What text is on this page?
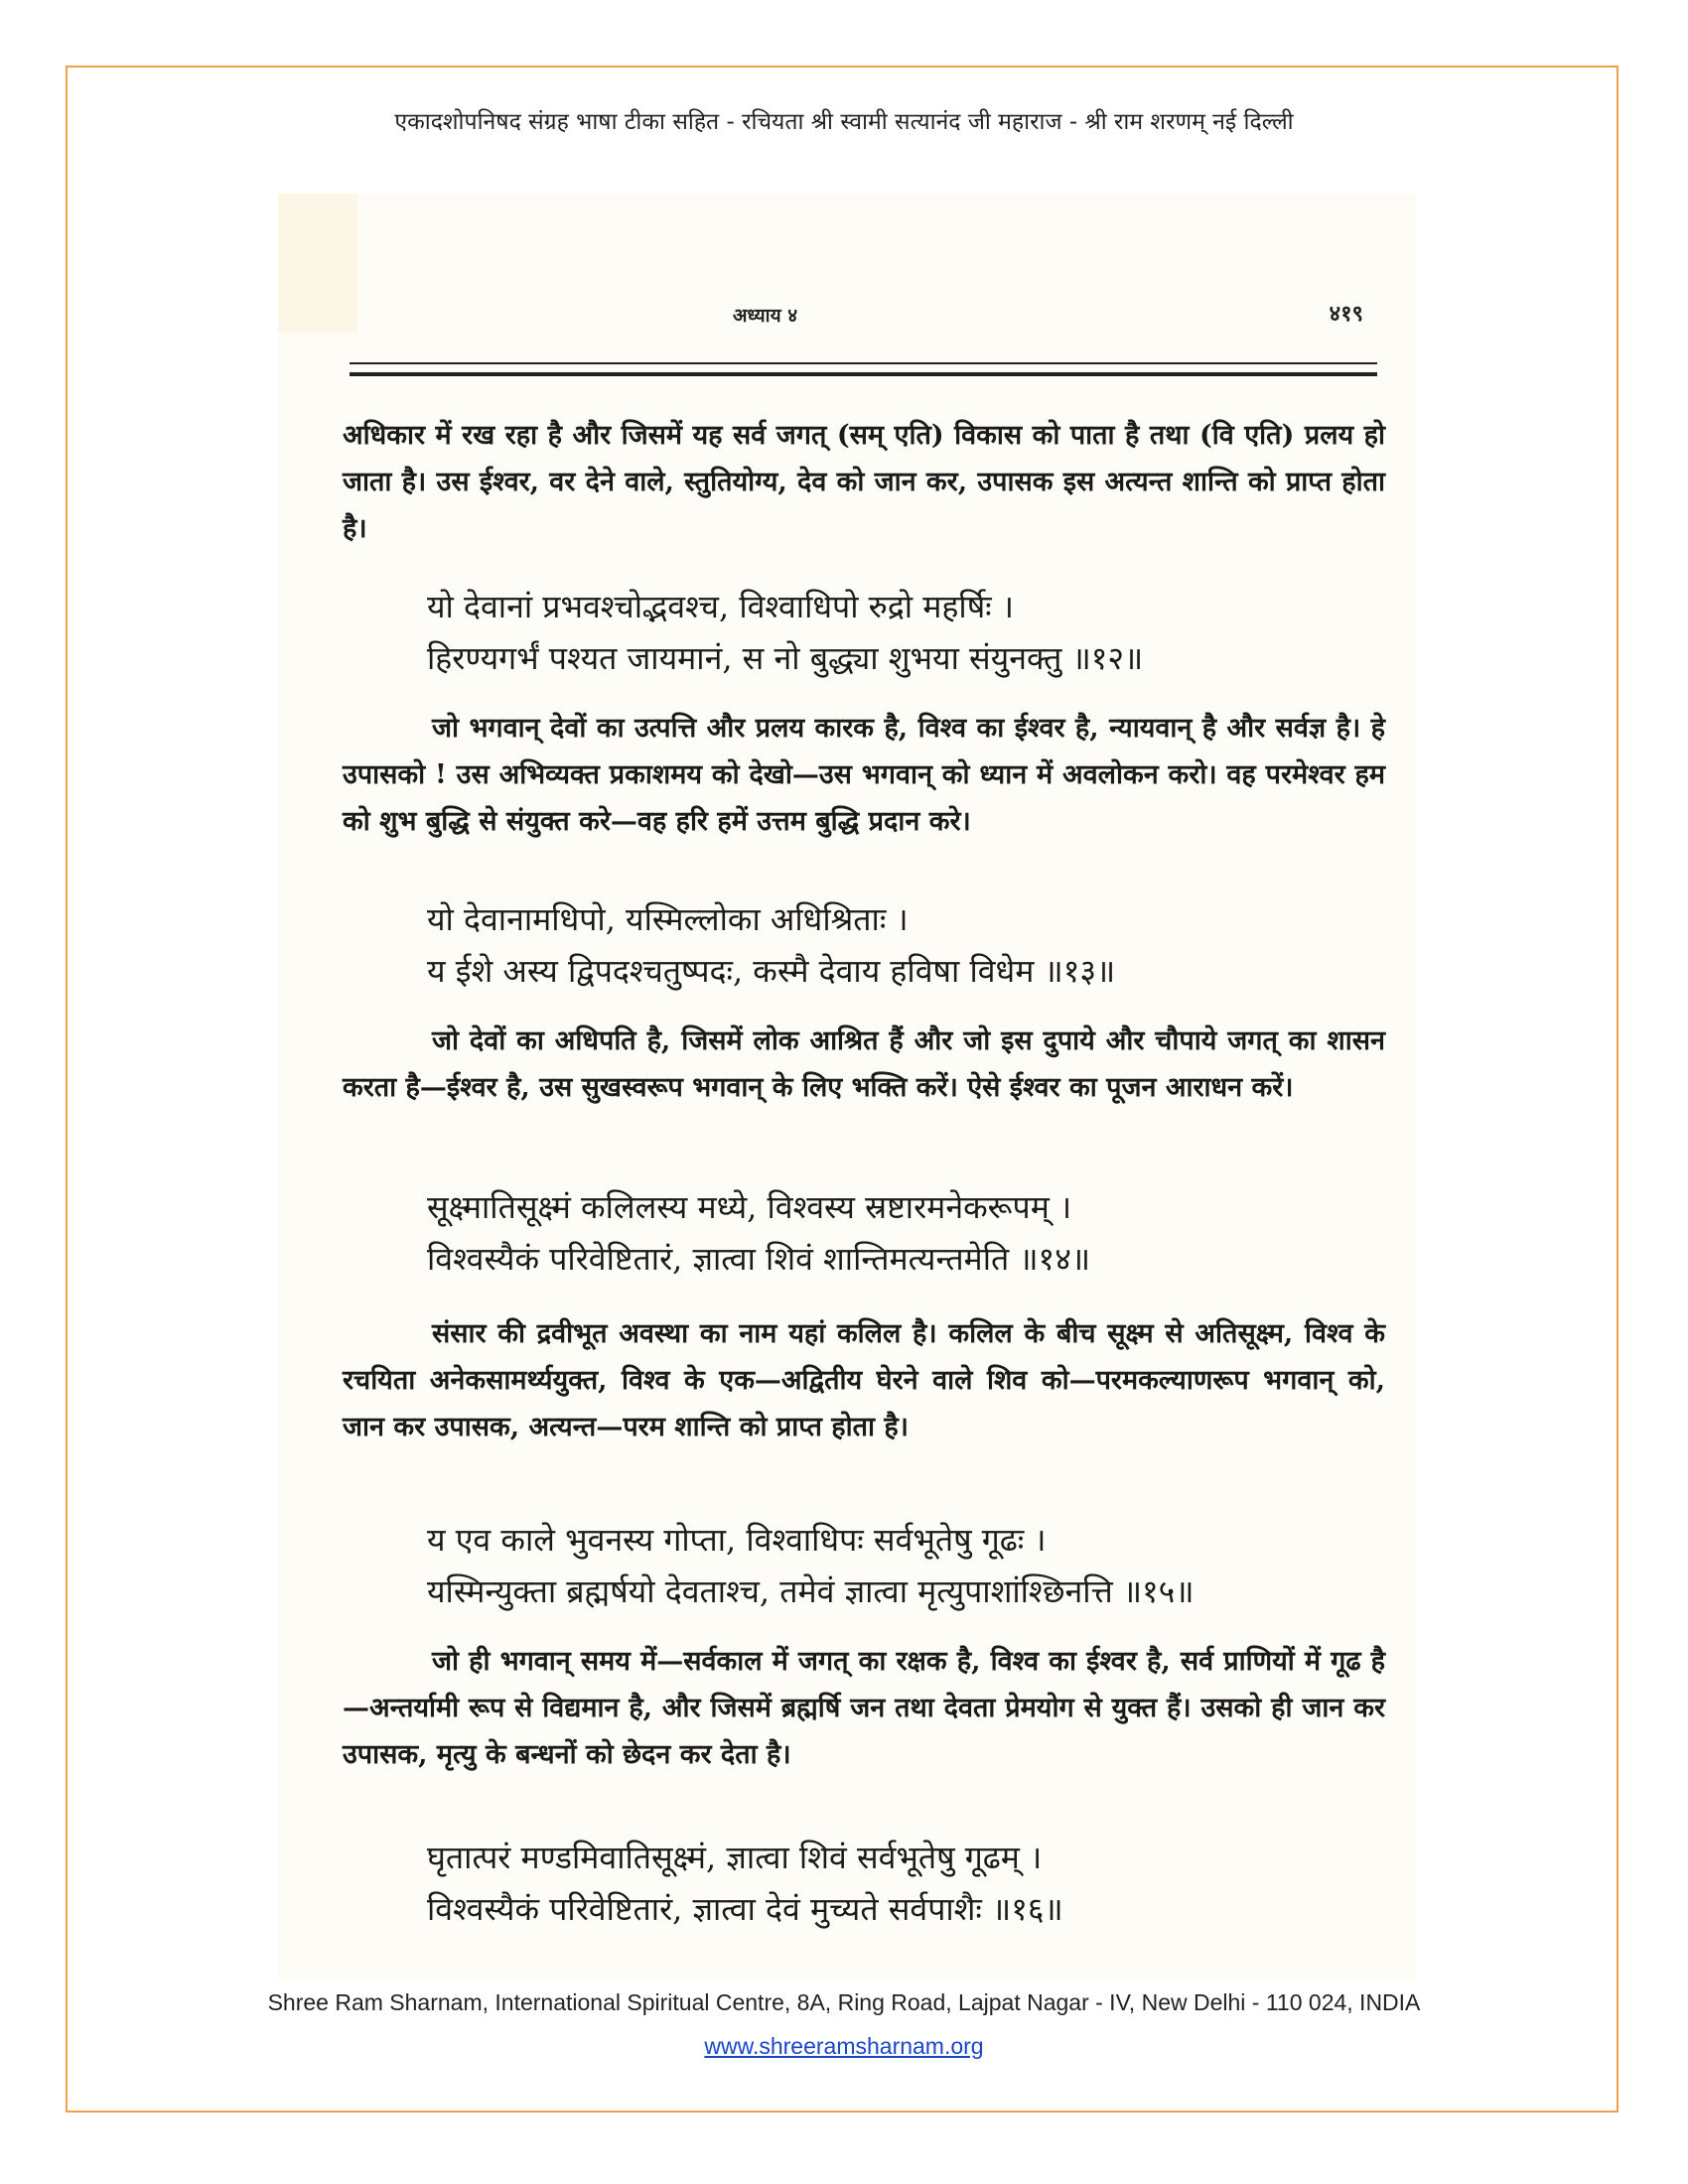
एकादशोपनिषद संग्रह भाषा टीका सहित - रचियता श्री स्वामी सत्यानंद जी महाराज - श्री राम शरणम् नई दिल्ली
अध्याय ४	४१९
अधिकार में रख रहा है और जिसमें यह सर्व जगत् (सम् एति) विकास को पाता है तथा (वि एति) प्रलय हो जाता है। उस ईश्वर, वर देने वाले, स्तुतियोग्य, देव को जान कर, उपासक इस अत्यन्त शान्ति को प्राप्त होता है।
यो देवानां प्रभवश्चोद्भवश्च, विश्वाधिपो रुद्रो महर्षिः ।
हिरण्यगर्भं पश्यत जायमानं, स नो बुद्ध्या शुभया संयुनक्तु ॥१२॥
जो भगवान् देवों का उत्पत्ति और प्रलय कारक है, विश्व का ईश्वर है, न्यायवान् है और सर्वज्ञ है। हे उपासको ! उस अभिव्यक्त प्रकाशमय को देखो—उस भगवान् को ध्यान में अवलोकन करो। वह परमेश्वर हम को शुभ बुद्धि से संयुक्त करे—वह हरि हमें उत्तम बुद्धि प्रदान करे।
यो देवानामधिपो, यस्मिल्लोका अधिश्रिताः ।
य ईशे अस्य द्विपदश्चतुष्पदः, कस्मै देवाय हविषा विधेम ॥१३॥
जो देवों का अधिपति है, जिसमें लोक आश्रित हैं और जो इस दुपाये और चौपाये जगत् का शासन करता है—ईश्वर है, उस सुखस्वरूप भगवान् के लिए भक्ति करें। ऐसे ईश्वर का पूजन आराधन करें।
सूक्ष्मातिसूक्ष्मं कलिलस्य मध्ये, विश्वस्य स्रष्टारमनेकरूपम् ।
विश्वस्यैकं परिवेष्टितारं, ज्ञात्वा शिवं शान्तिमत्यन्तमेति ॥१४॥
संसार की द्रवीभूत अवस्था का नाम यहां कलिल है। कलिल के बीच सूक्ष्म से अतिसूक्ष्म, विश्व के रचयिता अनेकसामर्थ्ययुक्त, विश्व के एक—अद्वितीय घेरने वाले शिव को—परमकल्याणरूप भगवान् को, जान कर उपासक, अत्यन्त—परम शान्ति को प्राप्त होता है।
य एव काले भुवनस्य गोप्ता, विश्वाधिपः सर्वभूतेषु गूढः ।
यस्मिन्युक्ता ब्रह्मर्षयो देवताश्च, तमेवं ज्ञात्वा मृत्युपाशांश्छिनत्ति ॥१५॥
जो ही भगवान् समय में—सर्वकाल में जगत् का रक्षक है, विश्व का ईश्वर है, सर्व प्राणियों में गूढ है—अन्तर्यामी रूप से विद्यमान है, और जिसमें ब्रह्मर्षि जन तथा देवता प्रेमयोग से युक्त हैं। उसको ही जान कर उपासक, मृत्यु के बन्धनों को छेदन कर देता है।
घृतात्परं मण्डमिवातिसूक्ष्मं, ज्ञात्वा शिवं सर्वभूतेषु गूढम् ।
विश्वस्यैकं परिवेष्टितारं, ज्ञात्वा देवं मुच्यते सर्वपाशैः ॥१६॥
Shree Ram Sharnam, International Spiritual Centre, 8A, Ring Road, Lajpat Nagar - IV, New Delhi - 110 024, INDIA
www.shreeramsharnam.org
